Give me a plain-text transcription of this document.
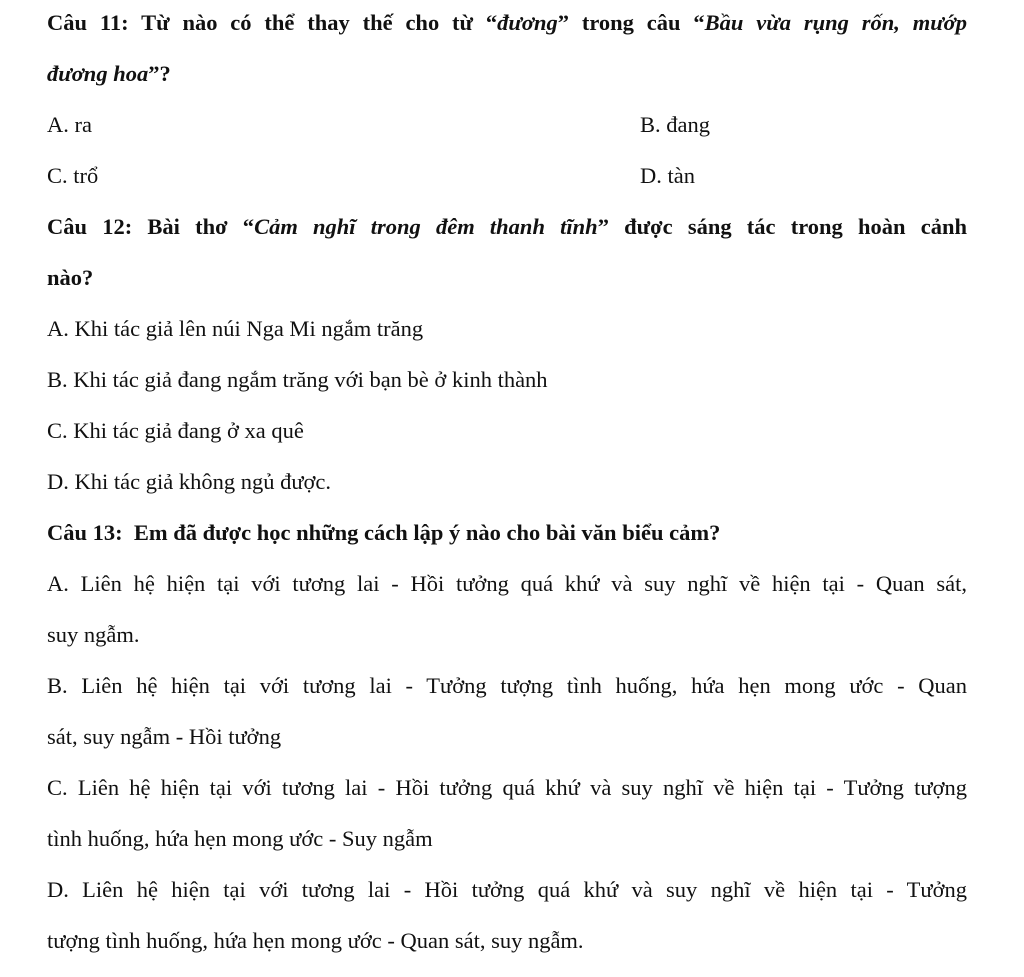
Câu 11: Từ nào có thể thay thế cho từ “đương” trong câu “Bầu vừa rụng rốn, mướp
đương hoa”?
A. ra	B. đang
C. trổ	D. tàn
Câu 12: Bài thơ “Cảm nghĩ trong đêm thanh tĩnh” được sáng tác trong hoàn cảnh
nào?
A. Khi tác giả lên núi Nga Mi ngắm trăng
B. Khi tác giả đang ngắm trăng với bạn bè ở kinh thành
C. Khi tác giả đang ở xa quê
D. Khi tác giả không ngủ được.
Câu 13: Em đã được học những cách lập ý nào cho bài văn biểu cảm?
A. Liên hệ hiện tại với tương lai - Hồi tưởng quá khứ và suy nghĩ về hiện tại - Quan sát,
suy ngẫm.
B. Liên hệ hiện tại với tương lai - Tưởng tượng tình huống, hứa hẹn mong ước - Quan
sát, suy ngẫm - Hồi tưởng
C. Liên hệ hiện tại với tương lai - Hồi tưởng quá khứ và suy nghĩ về hiện tại - Tưởng tượng
tình huống, hứa hẹn mong ước - Suy ngẫm
D. Liên hệ hiện tại với tương lai - Hồi tưởng quá khứ và suy nghĩ về hiện tại - Tưởng
tượng tình huống, hứa hẹn mong ước - Quan sát, suy ngẫm.
